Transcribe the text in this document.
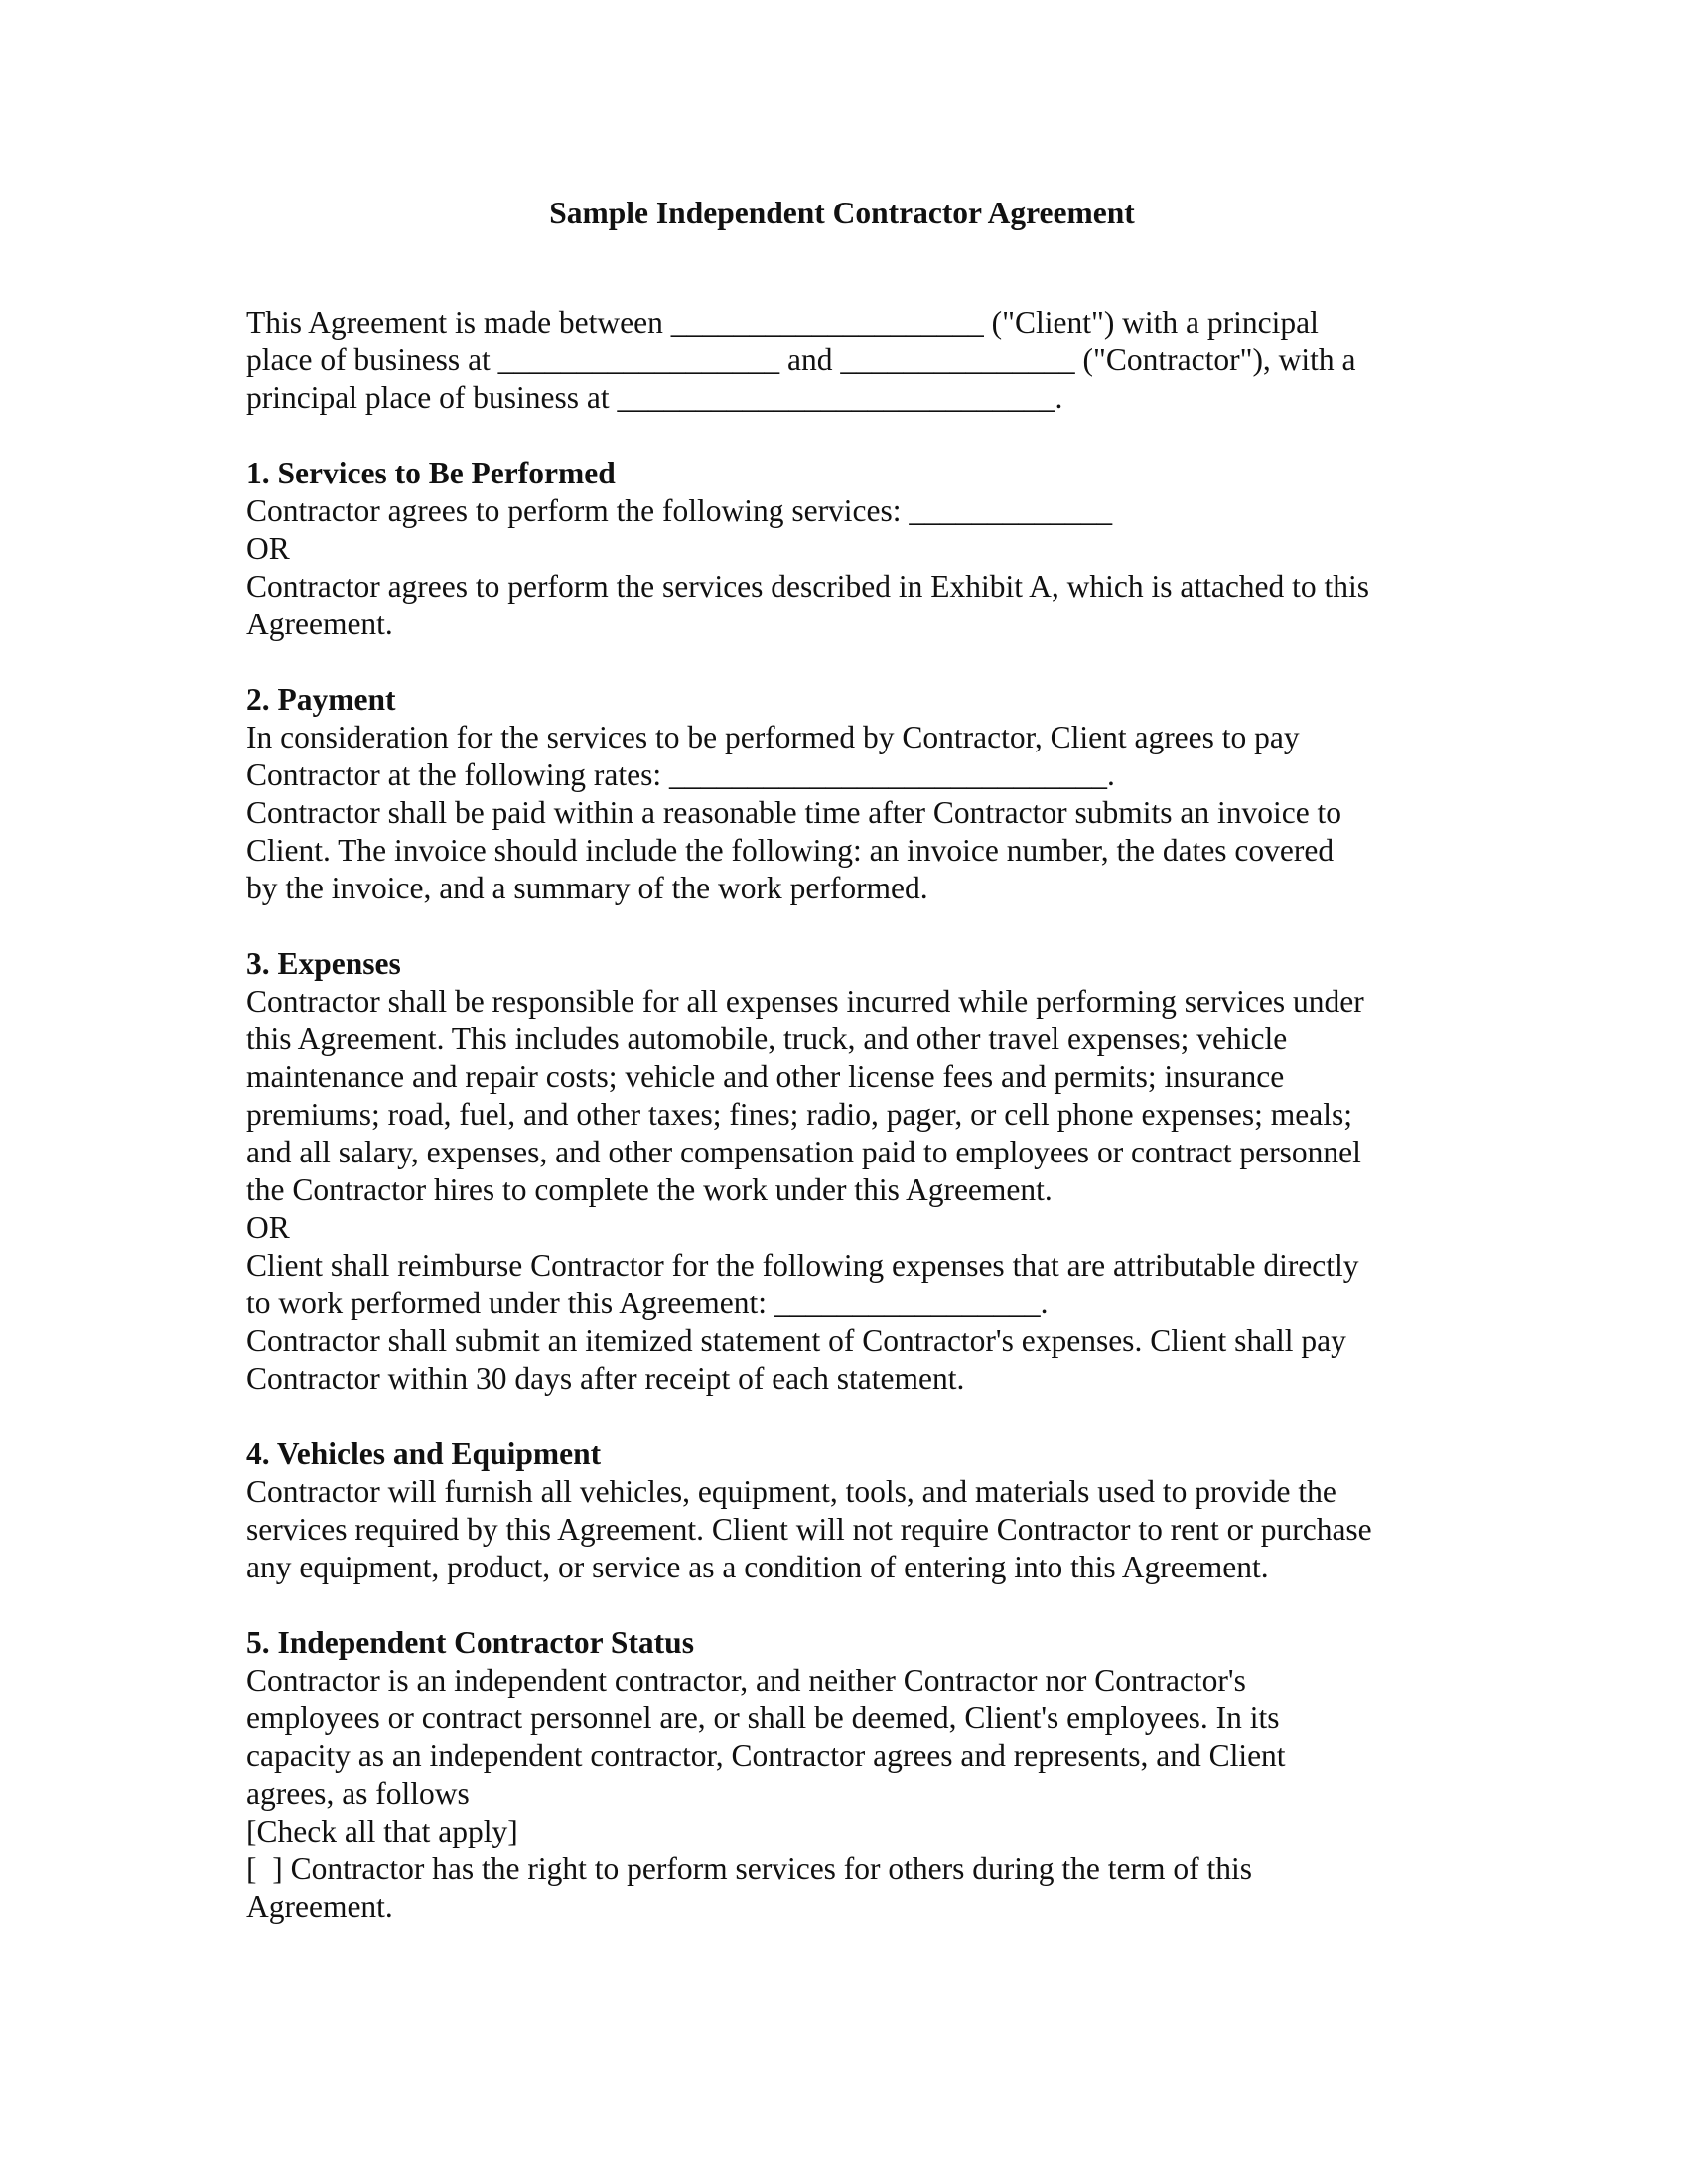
Sample Independent Contractor Agreement
This Agreement is made between ____________________ ("Client") with a principal
place of business at __________________ and _______________ ("Contractor"), with a
principal place of business at ____________________________.
1. Services to Be Performed
Contractor agrees to perform the following services: _____________
OR
Contractor agrees to perform the services described in Exhibit A, which is attached to this
Agreement.
2. Payment
In consideration for the services to be performed by Contractor, Client agrees to pay
Contractor at the following rates: ____________________________.
Contractor shall be paid within a reasonable time after Contractor submits an invoice to
Client. The invoice should include the following: an invoice number, the dates covered
by the invoice, and a summary of the work performed.
3. Expenses
Contractor shall be responsible for all expenses incurred while performing services under
this Agreement. This includes automobile, truck, and other travel expenses; vehicle
maintenance and repair costs; vehicle and other license fees and permits; insurance
premiums; road, fuel, and other taxes; fines; radio, pager, or cell phone expenses; meals;
and all salary, expenses, and other compensation paid to employees or contract personnel
the Contractor hires to complete the work under this Agreement.
OR
Client shall reimburse Contractor for the following expenses that are attributable directly
to work performed under this Agreement: _________________.
Contractor shall submit an itemized statement of Contractor's expenses. Client shall pay
Contractor within 30 days after receipt of each statement.
4. Vehicles and Equipment
Contractor will furnish all vehicles, equipment, tools, and materials used to provide the
services required by this Agreement. Client will not require Contractor to rent or purchase
any equipment, product, or service as a condition of entering into this Agreement.
5. Independent Contractor Status
Contractor is an independent contractor, and neither Contractor nor Contractor's
employees or contract personnel are, or shall be deemed, Client's employees. In its
capacity as an independent contractor, Contractor agrees and represents, and Client
agrees, as follows
[Check all that apply]
[  ] Contractor has the right to perform services for others during the term of this
Agreement.
